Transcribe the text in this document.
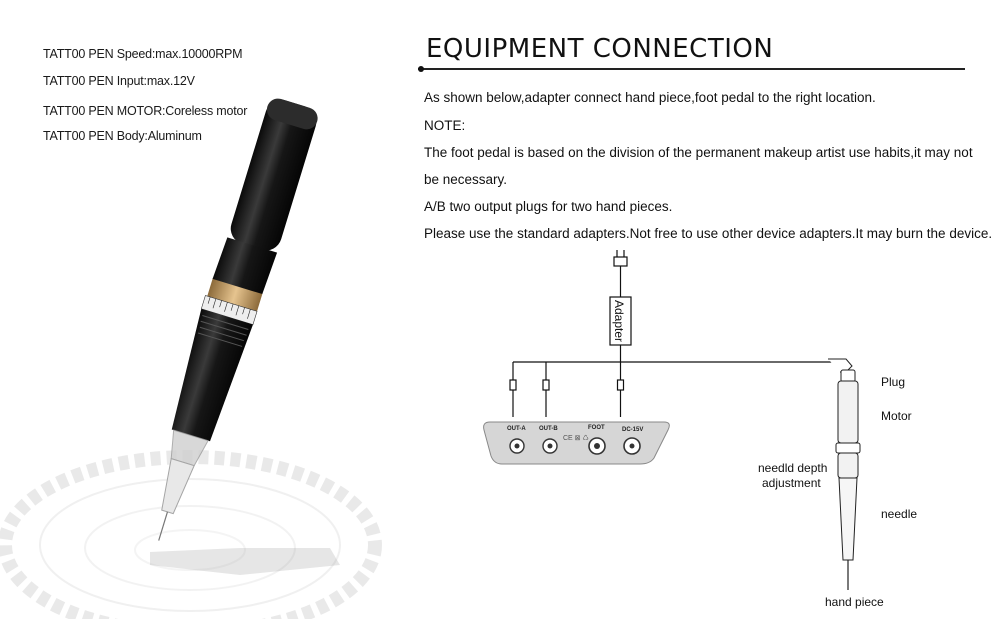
TATT00 PEN Speed:max.10000RPM
TATT00 PEN Input:max.12V
TATT00 PEN MOTOR:Coreless motor
TATT00 PEN Body:Aluminum
EQUIPMENT CONNECTION
As shown below,adapter connect hand piece,foot pedal to the right location.
NOTE:
The foot pedal is based on the division of the permanent makeup artist use habits,it may not
be necessary.
A/B two output plugs for two hand pieces.
Please use the standard adapters.Not free to use other device adapters.It may burn the device.
Adapter
OUT-A OUT-B	FOOT	DC-15V
CE ⊠ ♺
Plug
Motor
needld depth
adjustment
needle
hand piece
